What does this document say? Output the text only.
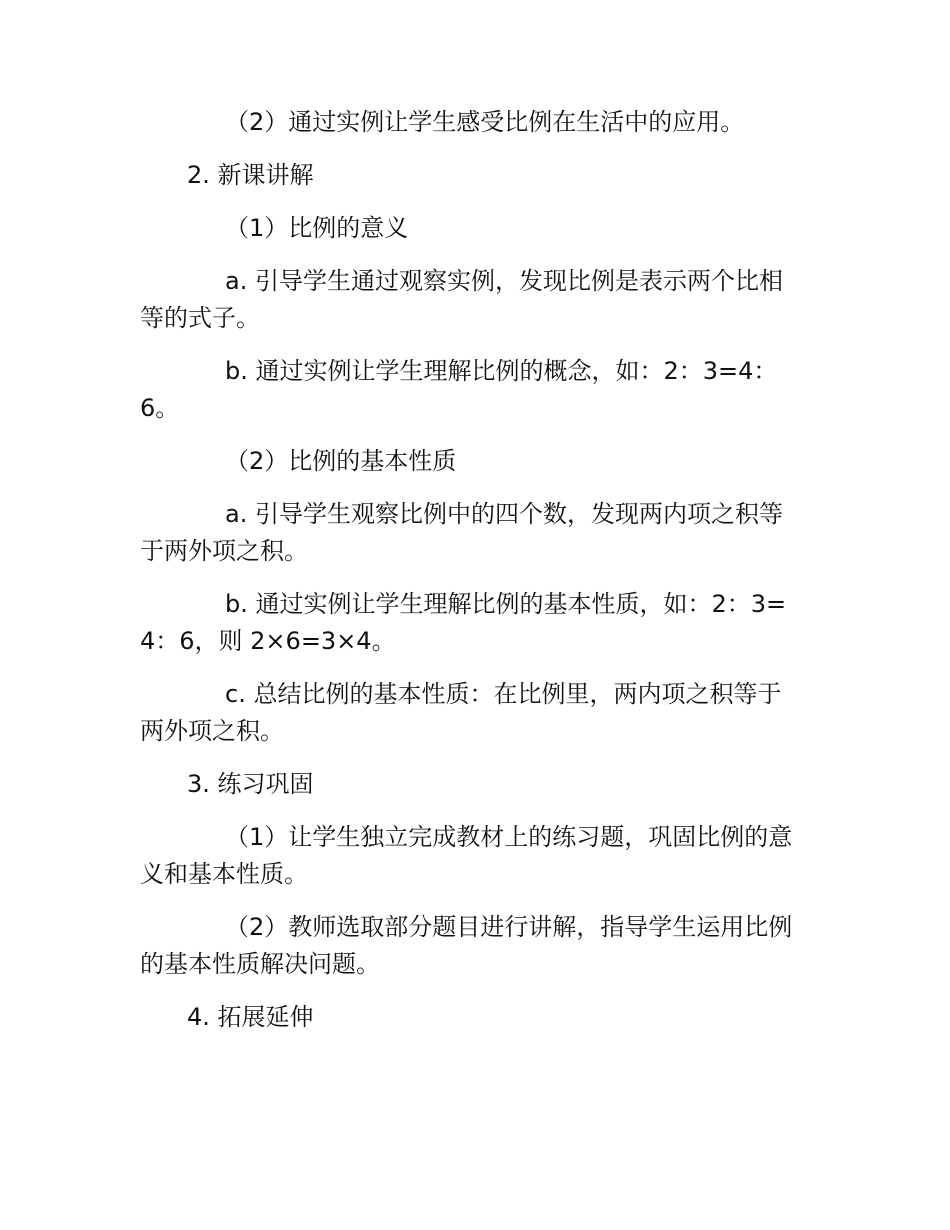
（2）通过实例让学生感受比例在生活中的应用。

2. 新课讲解

（1）比例的意义

a. 引导学生通过观察实例，发现比例是表示两个比相等的式子。

b. 通过实例让学生理解比例的概念，如：2：3=4：6。

（2）比例的基本性质

a. 引导学生观察比例中的四个数，发现两内项之积等于两外项之积。

b. 通过实例让学生理解比例的基本性质，如：2：3=4：6，则 2×6=3×4。

c. 总结比例的基本性质：在比例里，两内项之积等于两外项之积。

3. 练习巩固

（1）让学生独立完成教材上的练习题，巩固比例的意义和基本性质。

（2）教师选取部分题目进行讲解，指导学生运用比例的基本性质解决问题。

4. 拓展延伸
